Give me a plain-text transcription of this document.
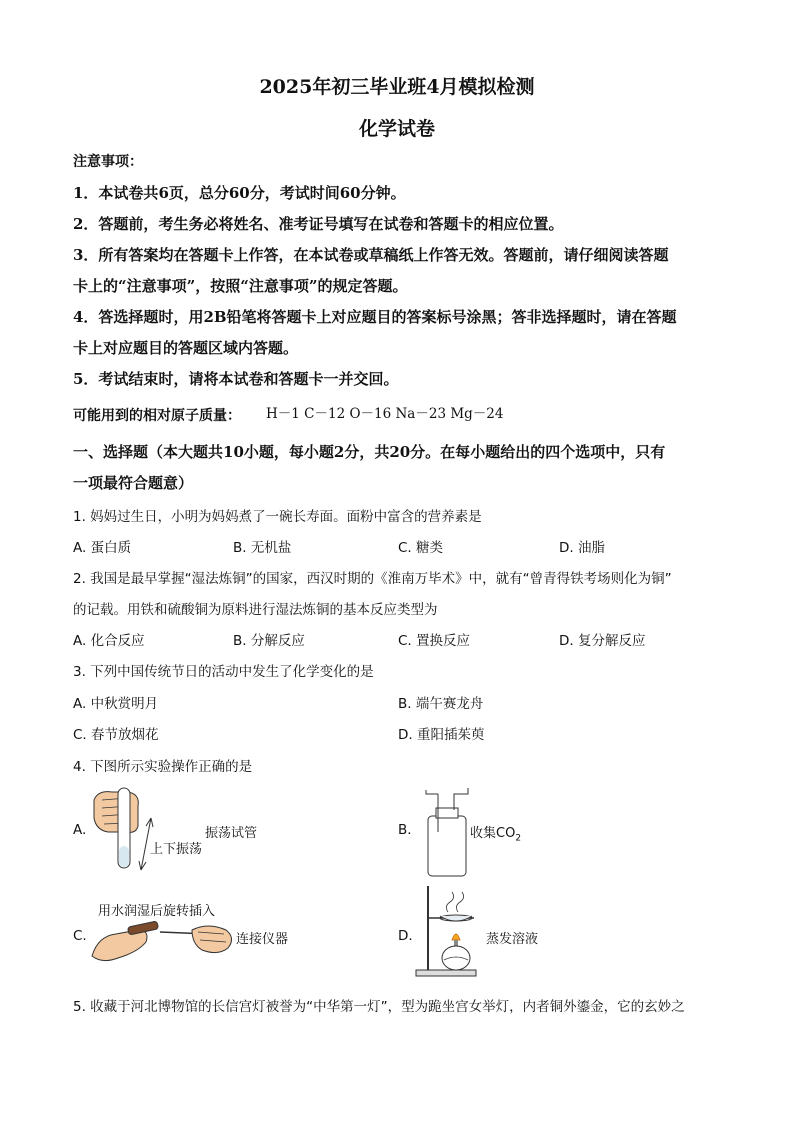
2025年初三毕业班4月模拟检测
化学试卷
注意事项：
1．本试卷共6页，总分60分，考试时间60分钟。
2．答题前，考生务必将姓名、准考证号填写在试卷和答题卡的相应位置。
3．所有答案均在答题卡上作答，在本试卷或草稿纸上作答无效。答题前，请仔细阅读答题
卡上的“注意事项”，按照“注意事项”的规定答题。
4．答选择题时，用2B铅笔将答题卡上对应题目的答案标号涂黑；答非选择题时，请在答题
卡上对应题目的答题区域内答题。
5．考试结束时，请将本试卷和答题卡一并交回。
可能用到的相对原子质量： H－1 C－12 O－16 Na－23 Mg－24
一、选择题（本大题共10小题，每小题2分，共20分。在每小题给出的四个选项中，只有
一项最符合题意）
1. 妈妈过生日，小明为妈妈煮了一碗长寿面。面粉中富含的营养素是
A. 蛋白质	B. 无机盐	C. 糖类	D. 油脂
2. 我国是最早掌握“湿法炼铜”的国家，西汉时期的《淮南万毕术》中，就有“曾青得铁考场则化为铜”
的记载。用铁和硫酸铜为原料进行湿法炼铜的基本反应类型为
A. 化合反应	B. 分解反应	C. 置换反应	D. 复分解反应
3. 下列中国传统节日的活动中发生了化学变化的是
A. 中秋赏明月	B. 端午赛龙舟
C. 春节放烟花	D. 重阳插茱萸
4. 下图所示实验操作正确的是
A.
上下振荡
振荡试管	B.	收集$CO_2$
用水润湿后旋转插入
C.	连接仪器	D.	蒸发溶液
5. 收藏于河北博物馆的长信宫灯被誉为“中华第一灯”，型为跪坐宫女举灯，内者铜外鎏金，它的玄妙之
